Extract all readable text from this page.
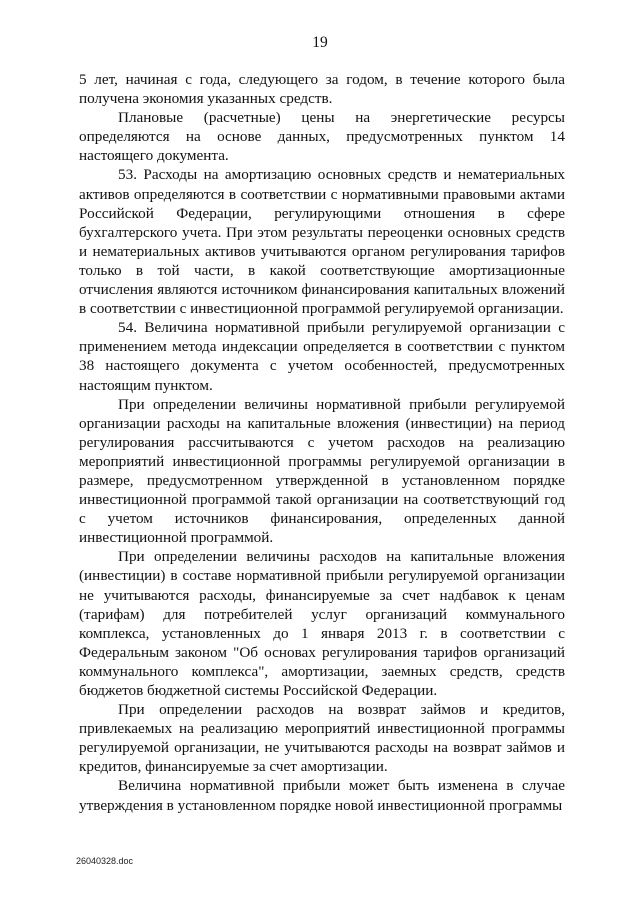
19

5 лет, начиная с года, следующего за годом, в течение которого была получена экономия указанных средств.

Плановые (расчетные) цены на энергетические ресурсы определяются на основе данных, предусмотренных пунктом 14 настоящего документа.

53. Расходы на амортизацию основных средств и нематериальных активов определяются в соответствии с нормативными правовыми актами Российской Федерации, регулирующими отношения в сфере бухгалтерского учета. При этом результаты переоценки основных средств и нематериальных активов учитываются органом регулирования тарифов только в той части, в какой соответствующие амортизационные отчисления являются источником финансирования капитальных вложений в соответствии с инвестиционной программой регулируемой организации.

54. Величина нормативной прибыли регулируемой организации с применением метода индексации определяется в соответствии с пунктом 38 настоящего документа с учетом особенностей, предусмотренных настоящим пунктом.

При определении величины нормативной прибыли регулируемой организации расходы на капитальные вложения (инвестиции) на период регулирования рассчитываются с учетом расходов на реализацию мероприятий инвестиционной программы регулируемой организации в размере, предусмотренном утвержденной в установленном порядке инвестиционной программой такой организации на соответствующий год с учетом источников финансирования, определенных данной инвестиционной программой.

При определении величины расходов на капитальные вложения (инвестиции) в составе нормативной прибыли регулируемой организации не учитываются расходы, финансируемые за счет надбавок к ценам (тарифам) для потребителей услуг организаций коммунального комплекса, установленных до 1 января 2013 г. в соответствии с Федеральным законом "Об основах регулирования тарифов организаций коммунального комплекса", амортизации, заемных средств, средств бюджетов бюджетной системы Российской Федерации.

При определении расходов на возврат займов и кредитов, привлекаемых на реализацию мероприятий инвестиционной программы регулируемой организации, не учитываются расходы на возврат займов и кредитов, финансируемые за счет амортизации.

Величина нормативной прибыли может быть изменена в случае утверждения в установленном порядке новой инвестиционной программы

26040328.doc
